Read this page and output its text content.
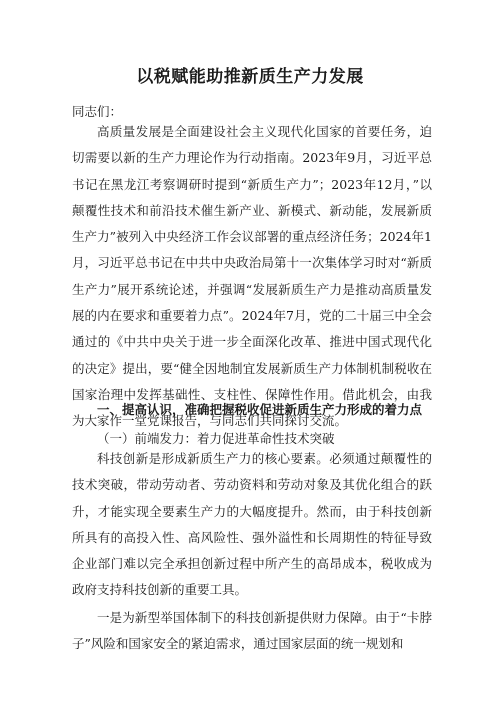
以税赋能助推新质生产力发展
同志们：

高质量发展是全面建设社会主义现代化国家的首要任务，迫切需要以新的生产力理论作为行动指南。2023年9月，习近平总书记在黑龙江考察调研时提到“新质生产力”；2023年12月，”以颠覆性技术和前沿技术催生新产业、新模式、新动能，发展新质生产力”被列入中央经济工作会议部署的重点经济任务；2024年1月，习近平总书记在中共中央政治局第十一次集体学习时对“新质生产力”展开系统论述，并强调“发展新质生产力是推动高质量发展的内在要求和重要着力点”。2024年7月，党的二十届三中全会通过的《中共中央关于进一步全面深化改革、推进中国式现代化的决定》提出，要“健全因地制宜发展新质生产力体制机制税收在国家治理中发挥基础性、支柱性、保障性作用。借此机会，由我为大家作一堂党课报告，与同志们共同探讨交流。

一、提高认识，准确把握税收促进新质生产力形成的着力点
（一）前端发力：着力促进革命性技术突破

科技创新是形成新质生产力的核心要素。必须通过颠覆性的技术突破，带动劳动者、劳动资料和劳动对象及其优化组合的跃升，才能实现全要素生产力的大幅度提升。然而，由于科技创新所具有的高投入性、高风险性、强外溢性和长周期性的特征导致企业部门难以完全承担创新过程中所产生的高昂成本，税收成为政府支持科技创新的重要工具。

一是为新型举国体制下的科技创新提供财力保障。由于“卡脖子”风险和国家安全的紧迫需求，通过国家层面的统一规划和
